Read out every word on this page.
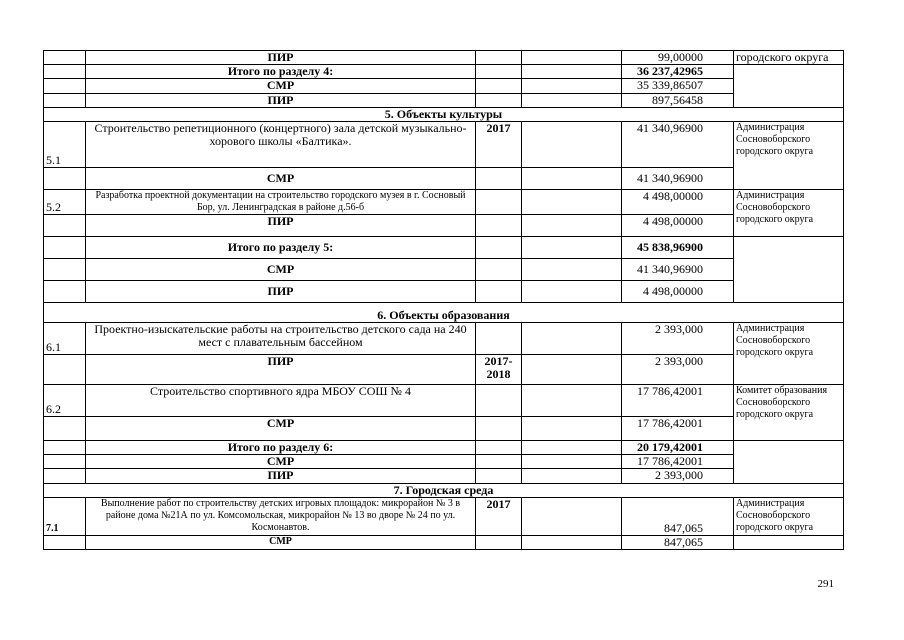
	ПИР			99,00000	городского округа
	Итого по разделу 4:			36 237,42965	
	СМР			35 339,86507	
	ПИР			897,56458	
5. Объекты культуры					
5.1	Строительство репетиционного (концертного) зала детской музыкально-хорового школы «Балтика».	2017		41 340,96900	Администрация Сосновоборского городского округа
	СМР			41 340,96900	
5.2	Разработка проектной документации на строительство городского музея в г. Сосновый Бор, ул. Ленинградская в районе д.56-б			4 498,00000	Администрация Сосновоборского городского округа
	ПИР			4 498,00000	
	Итого по разделу 5:			45 838,96900	
	СМР			41 340,96900	
	ПИР			4 498,00000	
6. Объекты образования					
6.1	Проектно-изыскательские работы на строительство детского сада на 240 мест с плавательным бассейном			2 393,000	Администрация Сосновоборского городского округа
	ПИР	2017-2018		2 393,000	
6.2	Строительство спортивного ядра МБОУ СОШ № 4			17 786,42001	Комитет образования Сосновоборского городского округа
	СМР			17 786,42001	
	Итого по разделу 6:			20 179,42001	
	СМР			17 786,42001	
	ПИР			2 393,000	
7. Городская среда					
7.1	Выполнение работ по строительству детских игровых площадок: микрорайон № 3 в районе дома №21А по ул. Комсомольская, микрорайон № 13 во дворе № 24 по ул. Космонавтов.	2017		847,065	Администрация Сосновоборского городского округа
	СМР			847,065	
291
